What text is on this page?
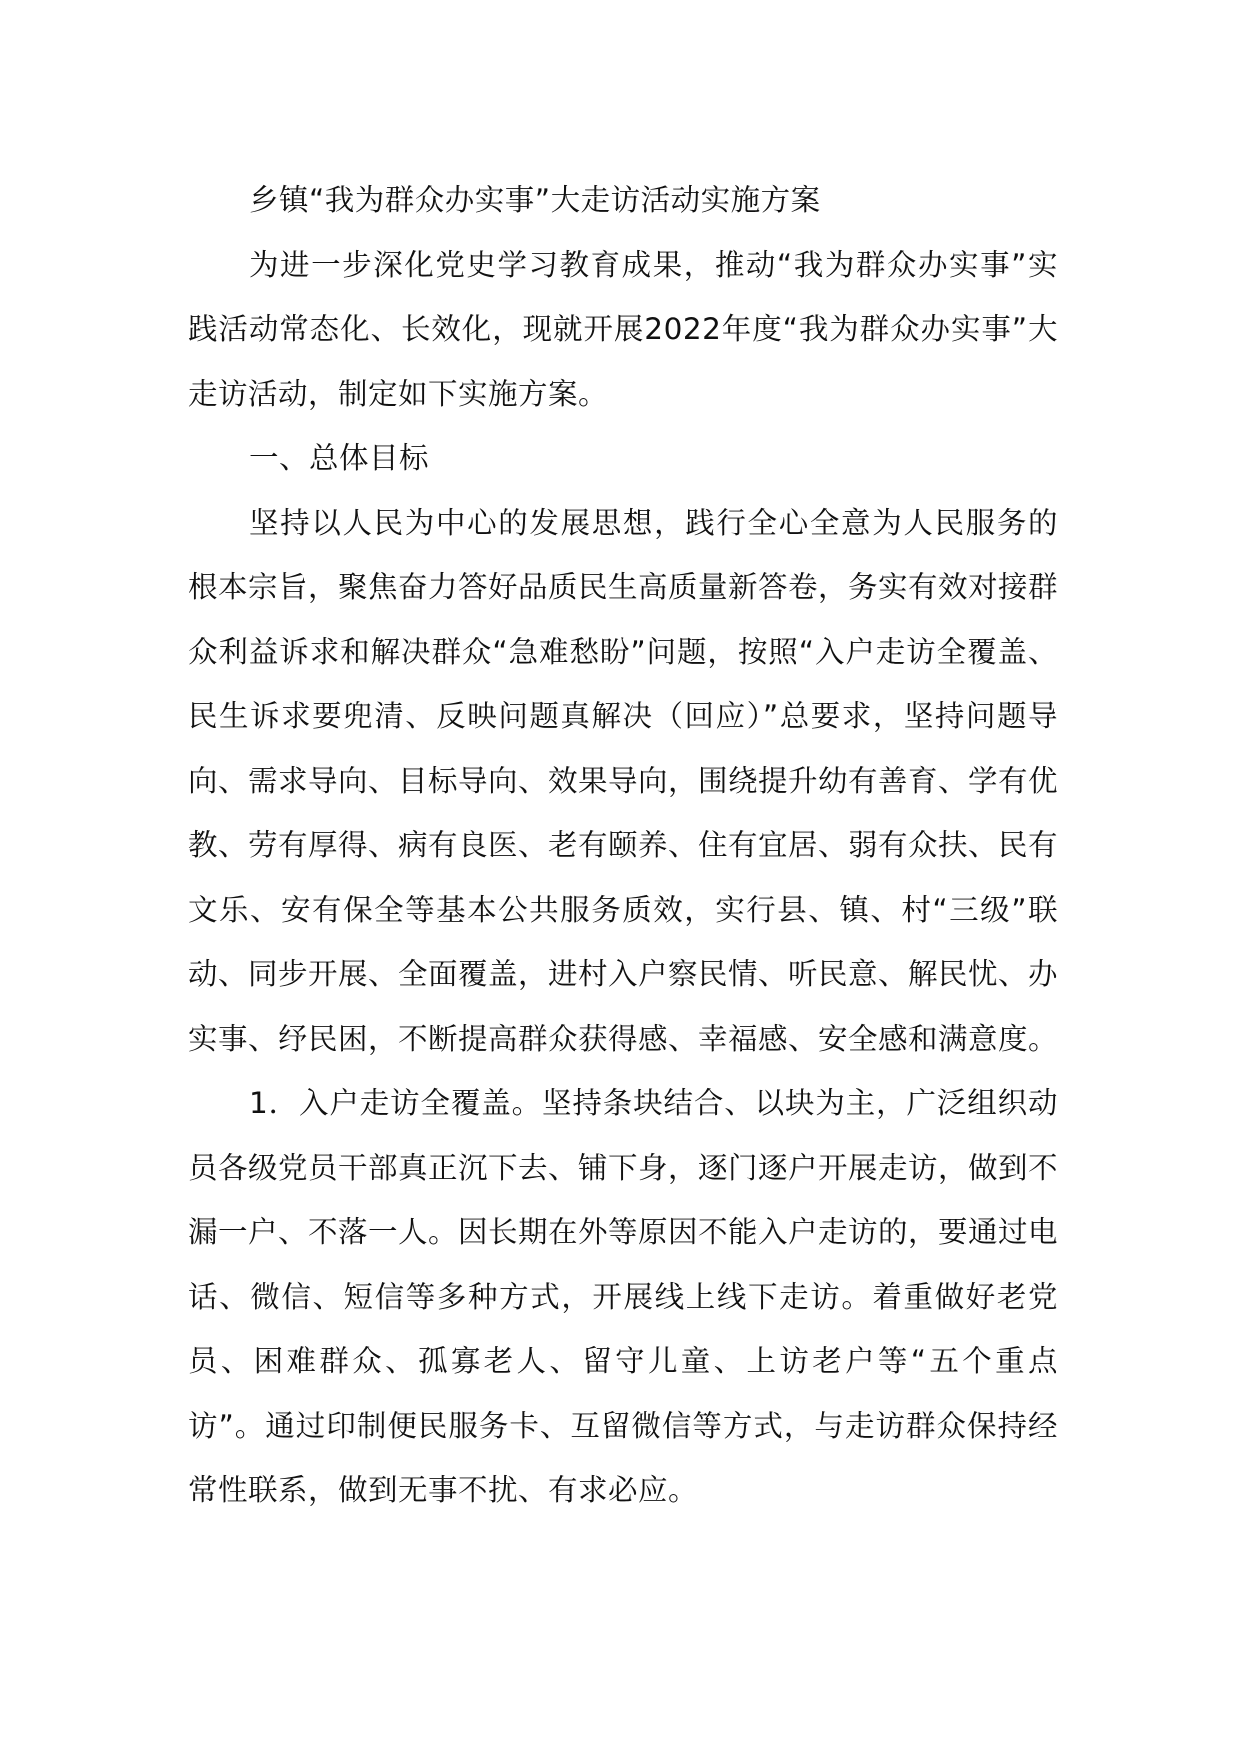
乡镇“我为群众办实事”大走访活动实施方案

为进一步深化党史学习教育成果，推动“我为群众办实事”实践活动常态化、长效化，现就开展2022年度“我为群众办实事”大走访活动，制定如下实施方案。

一、总体目标

坚持以人民为中心的发展思想，践行全心全意为人民服务的根本宗旨，聚焦奋力答好品质民生高质量新答卷，务实有效对接群众利益诉求和解决群众“急难愁盼”问题，按照“入户走访全覆盖、民生诉求要兜清、反映问题真解决（回应）”总要求，坚持问题导向、需求导向、目标导向、效果导向，围绕提升幼有善育、学有优教、劳有厚得、病有良医、老有颐养、住有宜居、弱有众扶、民有文乐、安有保全等基本公共服务质效，实行县、镇、村“三级”联动、同步开展、全面覆盖，进村入户察民情、听民意、解民忧、办实事、纾民困，不断提高群众获得感、幸福感、安全感和满意度。

1．入户走访全覆盖。坚持条块结合、以块为主，广泛组织动员各级党员干部真正沉下去、铺下身，逐门逐户开展走访，做到不漏一户、不落一人。因长期在外等原因不能入户走访的，要通过电话、微信、短信等多种方式，开展线上线下走访。着重做好老党员、困难群众、孤寡老人、留守儿童、上访老户等“五个重点访”。通过印制便民服务卡、互留微信等方式，与走访群众保持经常性联系，做到无事不扰、有求必应。
